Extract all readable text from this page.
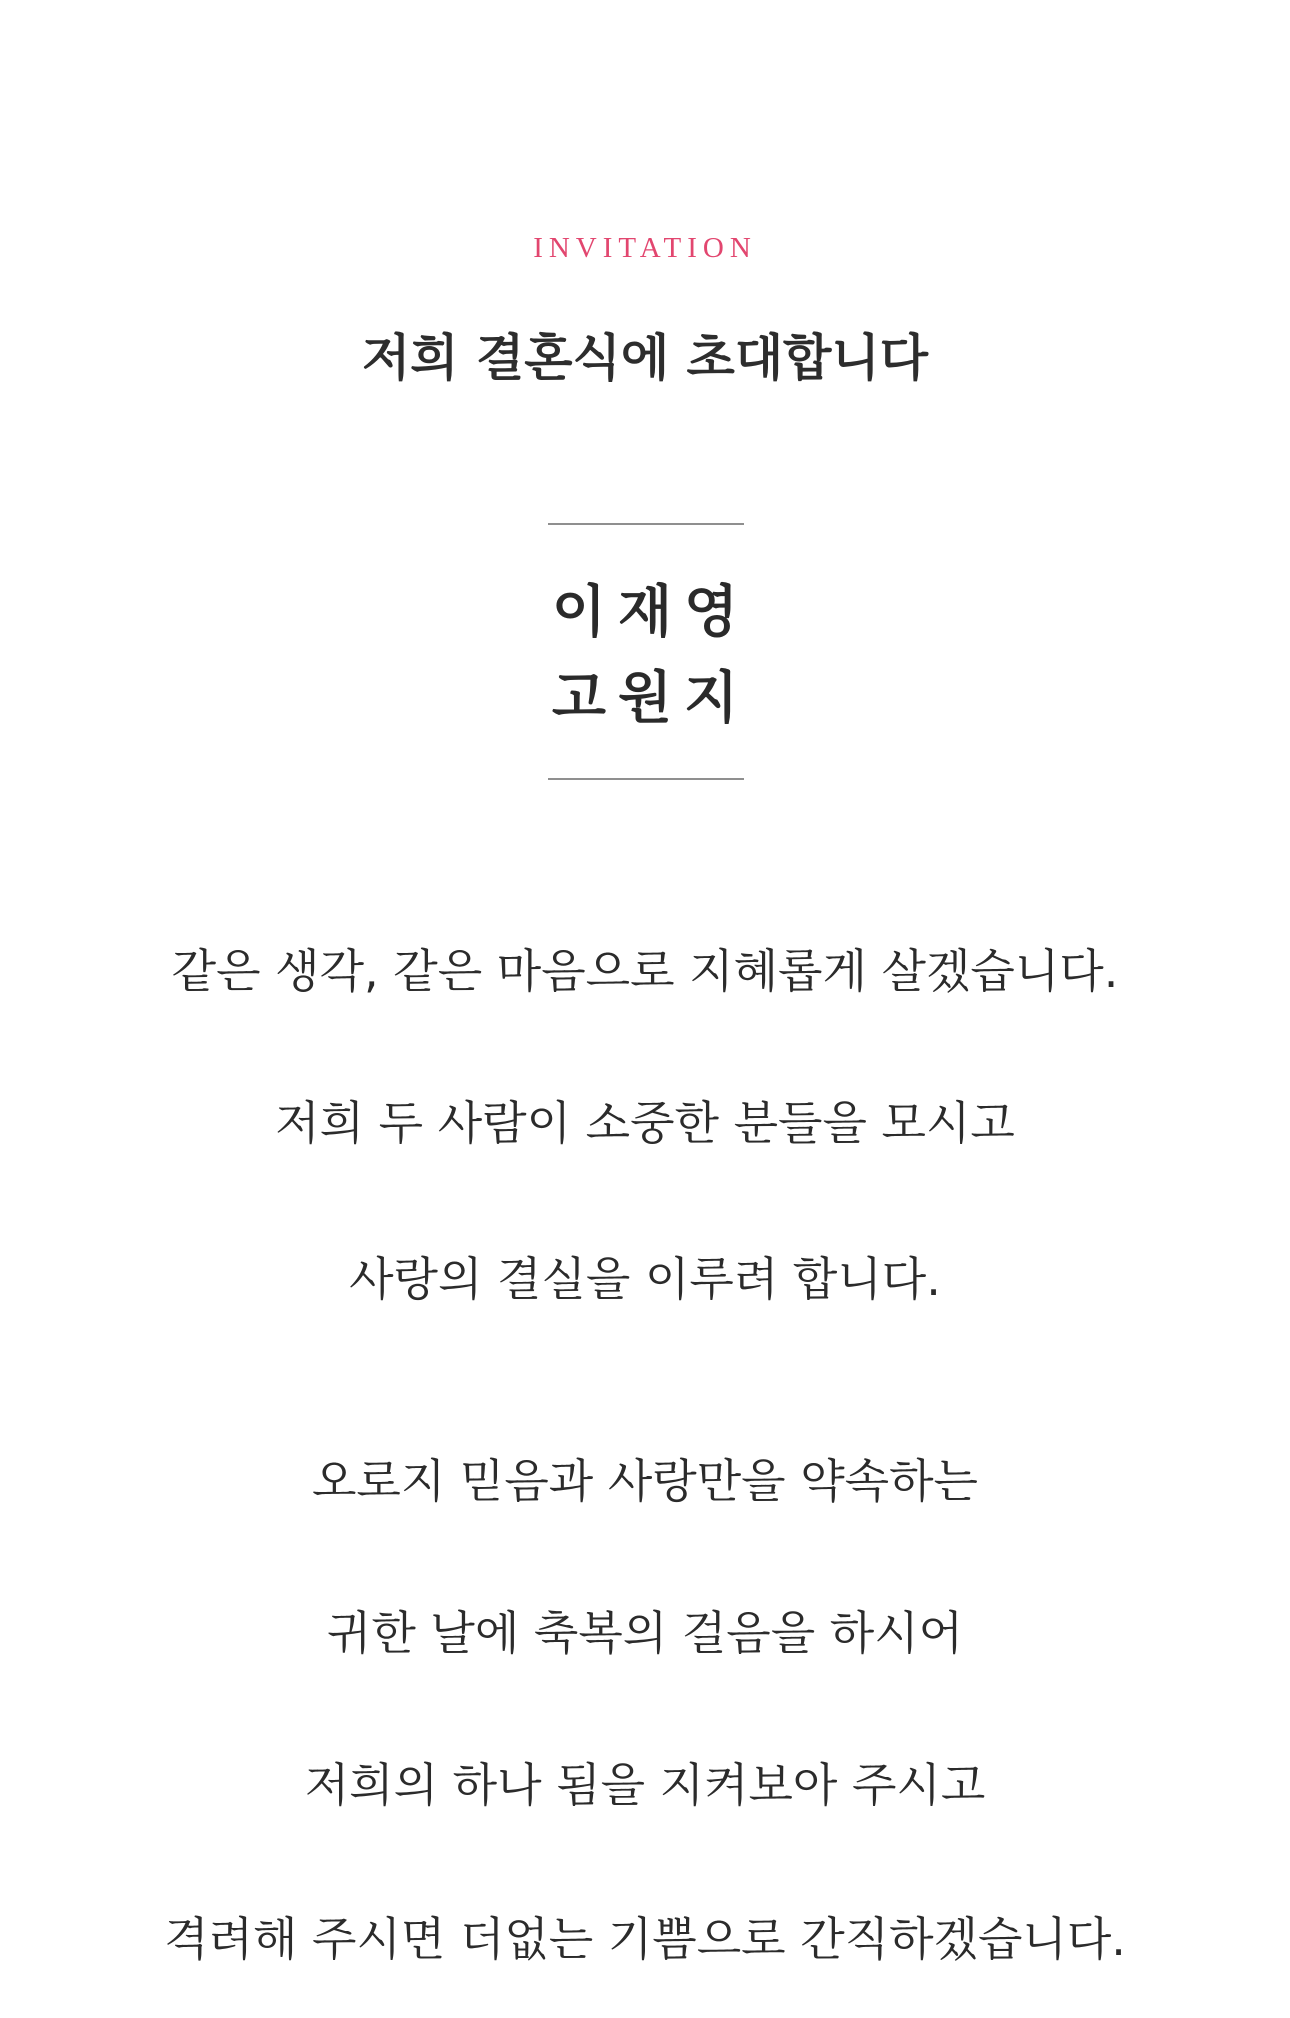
INVITATION
저희 결혼식에 초대합니다
이재영
고원지
같은 생각, 같은 마음으로 지혜롭게 살겠습니다.
저희 두 사람이 소중한 분들을 모시고
사랑의 결실을 이루려 합니다.
오로지 믿음과 사랑만을 약속하는
귀한 날에 축복의 걸음을 하시어
저희의 하나 됨을 지켜보아 주시고
격려해 주시면 더없는 기쁨으로 간직하겠습니다.
